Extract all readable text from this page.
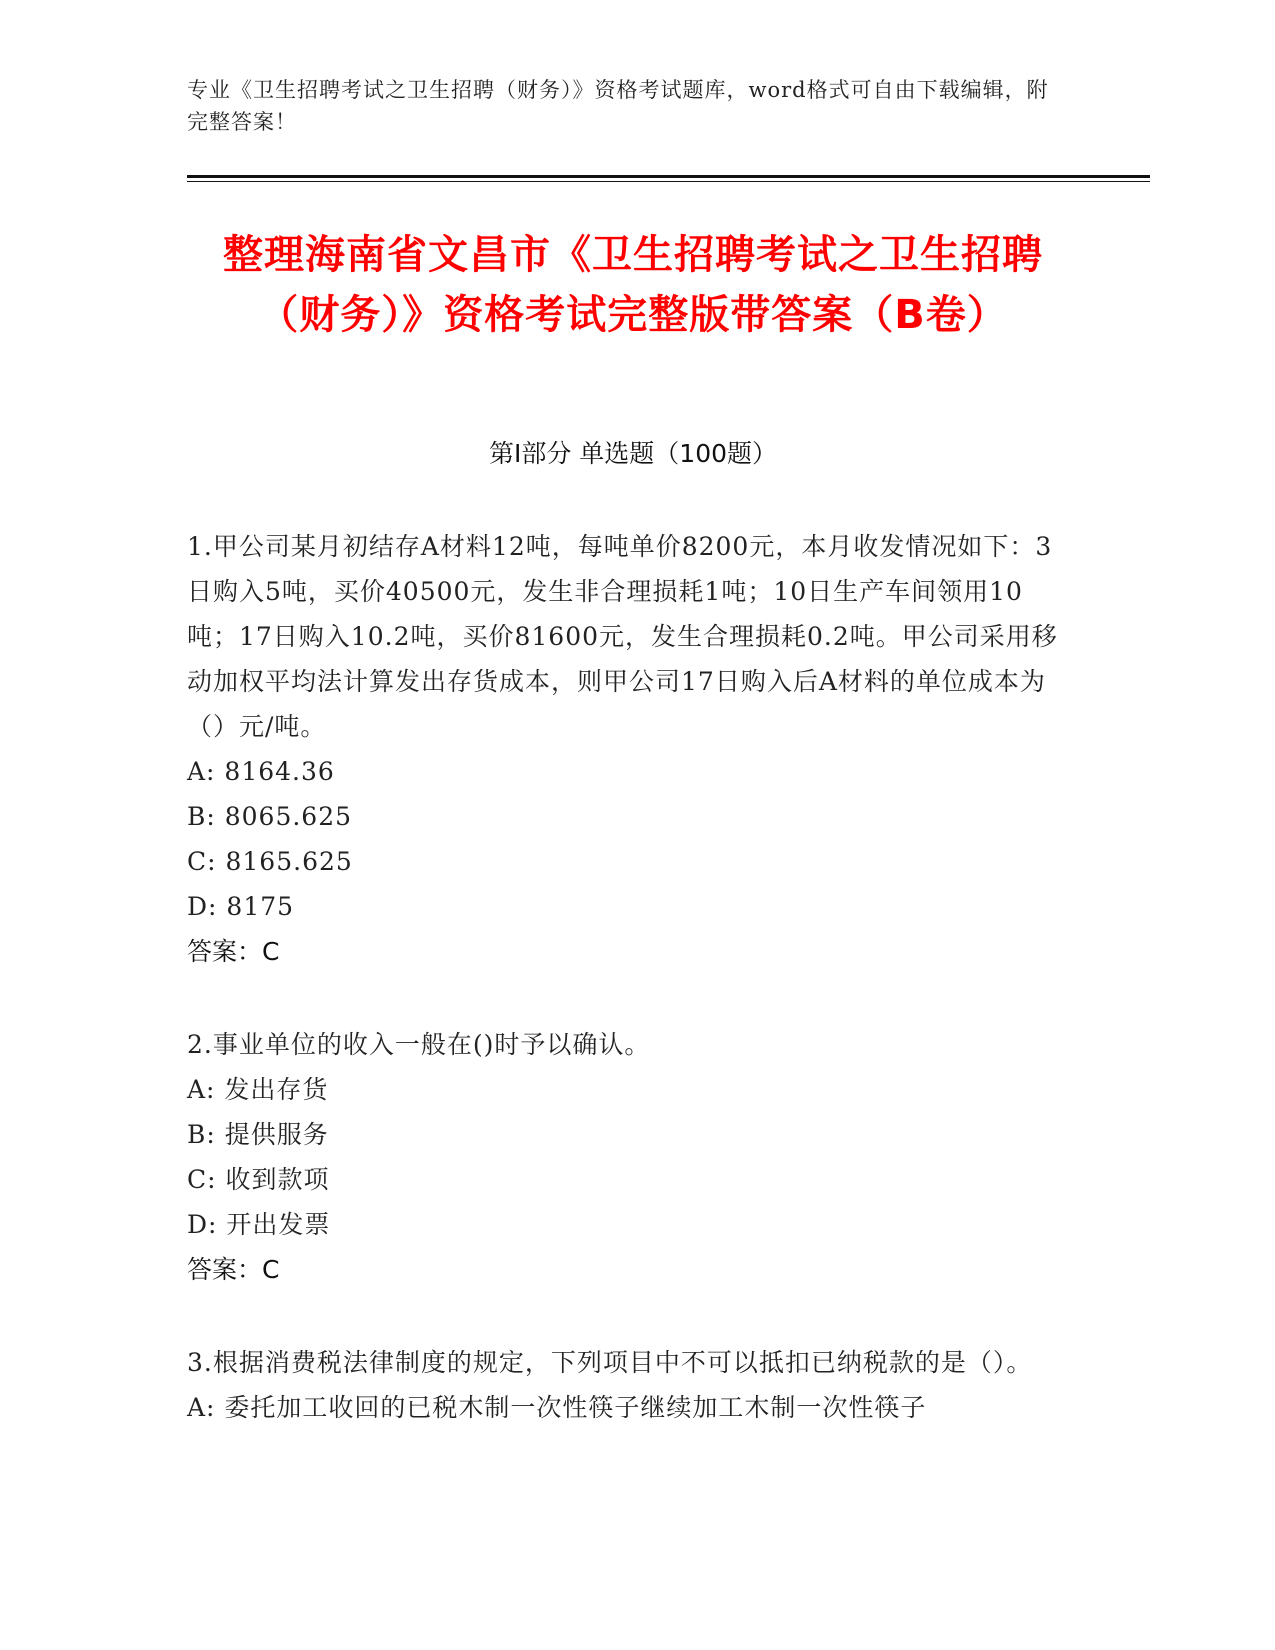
专业《卫生招聘考试之卫生招聘（财务）》资格考试题库，word格式可自由下载编辑，附完整答案！
整理海南省文昌市《卫生招聘考试之卫生招聘（财务）》资格考试完整版带答案（B卷）
第I部分 单选题（100题）
1.甲公司某月初结存A材料12吨，每吨单价8200元，本月收发情况如下：3日购入5吨，买价40500元，发生非合理损耗1吨；10日生产车间领用10吨；17日购入10.2吨，买价81600元，发生合理损耗0.2吨。甲公司采用移动加权平均法计算发出存货成本，则甲公司17日购入后A材料的单位成本为（）元/吨。
A: 8164.36
B: 8065.625
C: 8165.625
D: 8175
答案：C
2.事业单位的收入一般在()时予以确认。
A: 发出存货
B: 提供服务
C: 收到款项
D: 开出发票
答案：C
3.根据消费税法律制度的规定，下列项目中不可以抵扣已纳税款的是（）。
A: 委托加工收回的已税木制一次性筷子继续加工木制一次性筷子
